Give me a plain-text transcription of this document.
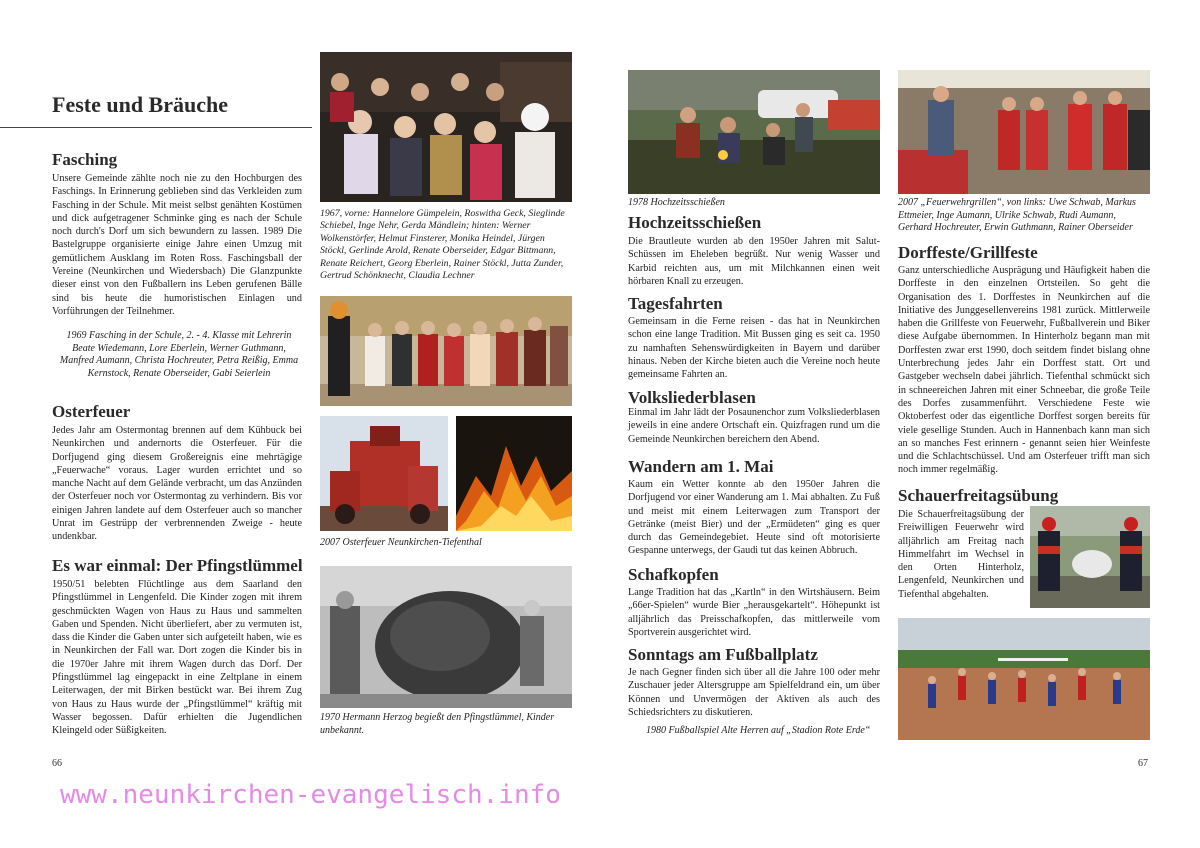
Feste und Bräuche
Fasching
Unsere Gemeinde zählte noch nie zu den Hochburgen des Faschings. In Erinnerung geblieben sind das Verkleiden zum Fasching in der Schule. Mit meist selbst genähten Kostümen und dick aufgetragener Schminke ging es nach der Schule noch durch's Dorf um sich bewundern zu lassen. 1989 Die Bastelgruppe organisierte einige Jahre einen Umzug mit gemütlichem Ausklang im Roten Ross. Faschingsball der Vereine (Neunkirchen und Wiedersbach) Die Glanzpunkte dieser einst von den Fußballern ins Leben gerufenen Bälle sind bis heute die humoristischen Einlagen und Vorführungen der Teilnehmer.
1969 Fasching in der Schule, 2. - 4. Klasse mit Lehrerin Beate Wiedemann, Lore Eberlein, Werner Guthmann, Manfred Aumann, Christa Hochreuter, Petra Reißig, Emma Kernstock, Renate Oberseider, Gabi Seierlein
Osterfeuer
Jedes Jahr am Ostermontag brennen auf dem Kühbuck bei Neunkirchen und andernorts die Osterfeuer. Für die Dorfjugend ging diesem Großereignis eine mehrtägige „Feuerwache“ voraus. Lager wurden errichtet und so manche Nacht auf dem Gelände verbracht, um das Anzünden der Osterfeuer noch vor Ostermontag zu verhindern. Bis vor einigen Jahren landete auf dem Osterfeuer auch so mancher Unrat im Gestrüpp der verbrennenden Zweige - heute undenkbar.
Es war einmal: Der Pfingstlümmel
1950/51 belebten Flüchtlinge aus dem Saarland den Pfingstlümmel in Lengenfeld. Die Kinder zogen mit ihrem geschmückten Wagen von Haus zu Haus und sammelten Gaben und Spenden. Nicht überliefert, aber zu vermuten ist, dass die Kinder die Gaben unter sich aufgeteilt haben, wie es in Neunkirchen der Fall war. Dort zogen die Kinder bis in die 1970er Jahre mit ihrem Wagen durch das Dorf. Der Pfingstlümmel lag eingepackt in eine Zeltplane in einem Leiterwagen, der mit Birken bestückt war. Bei ihrem Zug von Haus zu Haus wurde der „Pfingstlümmel“ kräftig mit Wasser begossen. Dafür erhielten die Jugendlichen Kleingeld oder Süßigkeiten.
1967, vorne: Hannelore Gümpelein, Roswitha Geck, Sieglinde Schiebel, Inge Nehr, Gerda Mändlein; hinten: Werner Wolkenstörfer, Helmut Finsterer, Monika Heindel, Jürgen Stöckl, Gerlinde Arold, Renate Oberseider, Edgar Bittmann, Renate Reichert, Georg Eberlein, Rainer Stöckl, Jutta Zunder, Gertrud Schönknecht, Claudia Lechner
2007 Osterfeuer Neunkirchen-Tiefenthal
1970 Hermann Herzog begießt den Pfingstlümmel, Kinder unbekannt.
66
1978 Hochzeitsschießen
Hochzeitsschießen
Die Brautleute wurden ab den 1950er Jahren mit Salut-Schüssen im Eheleben begrüßt. Nur wenig Wasser und Karbid reichten aus, um mit Milchkannen einen weit hörbaren Knall zu erzeugen.
Tagesfahrten
Gemeinsam in die Ferne reisen - das hat in Neunkirchen schon eine lange Tradition. Mit Bussen ging es seit ca. 1950 zu namhaften Sehenswürdigkeiten in Bayern und darüber hinaus. Neben der Kirche bieten auch die Vereine noch heute gemeinsame Fahrten an.
Volksliederblasen
Einmal im Jahr lädt der Posaunenchor zum Volksliederblasen jeweils in eine andere Ortschaft ein. Quizfragen rund um die Gemeinde Neunkirchen bereichern den Abend.
Wandern am 1. Mai
Kaum ein Wetter konnte ab den 1950er Jahren die Dorfjugend vor einer Wanderung am 1. Mai abhalten. Zu Fuß und meist mit einem Leiterwagen zum Transport der Getränke (meist Bier) und der „Ermüdeten“ ging es quer durch das Gemeindegebiet. Heute sind oft motorisierte Gespanne unterwegs, der Gaudi tut das keinen Abbruch.
Schafkopfen
Lange Tradition hat das „Kartln“ in den Wirtshäusern. Beim „66er-Spielen“ wurde Bier „herausgekartelt“. Höhepunkt ist alljährlich das Preisschafkopfen, das mittlerweile vom Sportverein ausgerichtet wird.
Sonntags am Fußballplatz
Je nach Gegner finden sich über all die Jahre 100 oder mehr Zuschauer jeder Altersgruppe am Spielfeldrand ein, um über Können und Unvermögen der Aktiven als auch des Schiedsrichters zu diskutieren.
1980 Fußballspiel Alte Herren auf „Stadion Rote Erde“
2007 „Feuerwehrgrillen“, von links: Uwe Schwab, Markus Ettmeier, Inge Aumann, Ulrike Schwab, Rudi Aumann, Gerhard Hochreuter, Erwin Guthmann, Rainer Oberseider
Dorffeste/Grillfeste
Ganz unterschiedliche Ausprägung und Häufigkeit haben die Dorffeste in den einzelnen Ortsteilen. So geht die Organisation des 1. Dorffestes in Neunkirchen auf die Initiative des Junggesellenvereins 1981 zurück. Mittlerweile haben die Grillfeste von Feuerwehr, Fußballverein und Biker diese Aufgabe übernommen. In Hinterholz begann man mit Dorffesten zwar erst 1990, doch seitdem findet bislang ohne Unterbrechung jedes Jahr ein Dorffest statt. Ort und Gastgeber wechseln dabei jährlich. Tiefenthal schmückt sich in schneereichen Jahren mit einer Schneebar, die große Teile des Dorfes zusammenführt. Verschiedene Feste wie Oktoberfest oder das eigentliche Dorffest sorgen bereits für viele gesellige Stunden. Auch in Hannenbach kann man sich an so manches Fest erinnern - genannt seien hier Weinfeste und die Schlachtschüssel. Und am Osterfeuer trifft man sich noch immer regelmäßig.
Schauerfreitagsübung
Die Schauerfreitagsübung der Freiwilligen Feuerwehr wird alljährlich am Freitag nach Himmelfahrt im Wechsel in den Orten Hinterholz, Lengenfeld, Neunkirchen und Tiefenthal abgehalten.
67
www.neunkirchen-evangelisch.info
